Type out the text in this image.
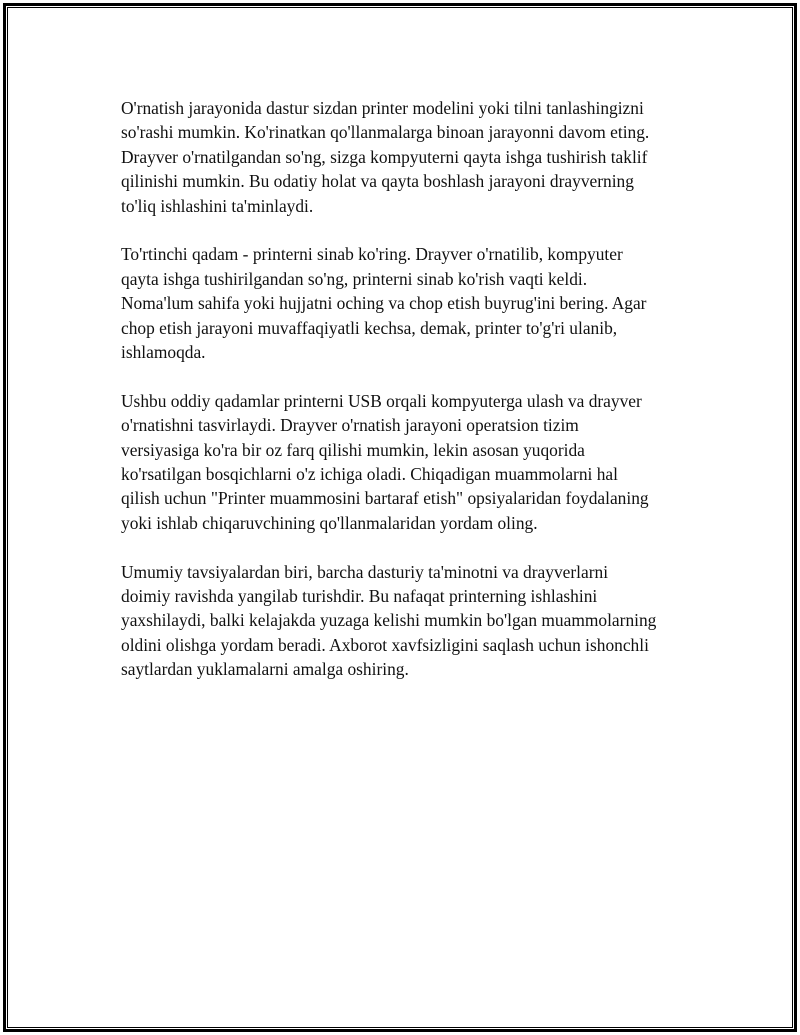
O'rnatish jarayonida dastur sizdan printer modelini yoki tilni tanlashingizni
so'rashi mumkin. Ko'rinatkan qo'llanmalarga binoan jarayonni davom eting.
Drayver o'rnatilgandan so'ng, sizga kompyuterni qayta ishga tushirish taklif
qilinishi mumkin. Bu odatiy holat va qayta boshlash jarayoni drayverning
to'liq ishlashini ta'minlaydi.

To'rtinchi qadam - printerni sinab ko'ring. Drayver o'rnatilib, kompyuter
qayta ishga tushirilgandan so'ng, printerni sinab ko'rish vaqti keldi.
Noma'lum sahifa yoki hujjatni oching va chop etish buyrug'ini bering. Agar
chop etish jarayoni muvaffaqiyatli kechsa, demak, printer to'g'ri ulanib,
ishlamoqda.

Ushbu oddiy qadamlar printerni USB orqali kompyuterga ulash va drayver
o'rnatishni tasvirlaydi. Drayver o'rnatish jarayoni operatsion tizim
versiyasiga ko'ra bir oz farq qilishi mumkin, lekin asosan yuqorida
ko'rsatilgan bosqichlarni o'z ichiga oladi. Chiqadigan muammolarni hal
qilish uchun "Printer muammosini bartaraf etish" opsiyalaridan foydalaning
yoki ishlab chiqaruvchining qo'llanmalaridan yordam oling.

Umumiy tavsiyalardan biri, barcha dasturiy ta'minotni va drayverlarni
doimiy ravishda yangilab turishdir. Bu nafaqat printerning ishlashini
yaxshilaydi, balki kelajakda yuzaga kelishi mumkin bo'lgan muammolarning
oldini olishga yordam beradi. Axborot xavfsizligini saqlash uchun ishonchli
saytlardan yuklamalarni amalga oshiring.
